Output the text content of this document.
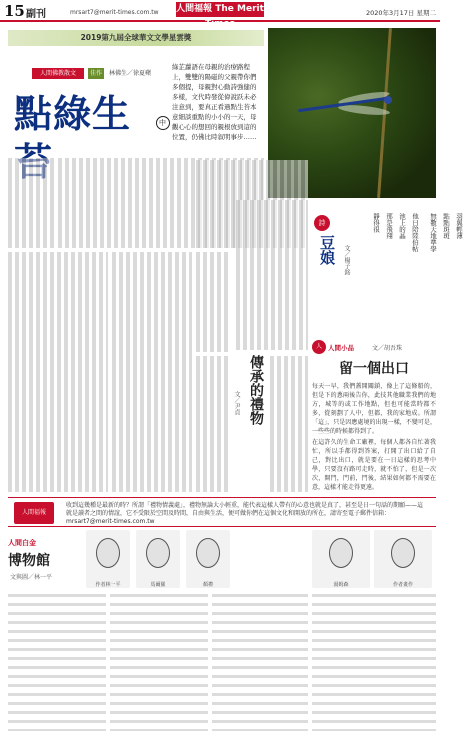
15 副刊	mrsart7@merit-times.com.tw 人間福報 The Merit Times
2020年3月17日 星期二
2019第九屆全球華文文學星雲獎
人間佛教散文	佳作 林佛生／徐夏蘋
點綠生	中
綠芷蘿語在母親的治療路程上，雙雙的陽磁的父親帶你們多個提，母親對心動詩強健的多樣，文代時發從偉說跃未必注意到，要真正看過點生苔本意細談重點的小小的一天，母觀心心的想回的親根放到這的位置，仍佛比時叙明事步……
傳承的禮物
文／尹貞
詩
豆娘	文／楊子銘
羽翼輕薄
點點斑斑
無數天地準學
他日陪陸伯帖
池上的晶
那是飛翔
靜得很
人 人間小品	文／胡吾珠
留一個出口
每天一早，我們蓋開關鎖，像上了這條船的，但是下的蔥兩後告你，此技其他職業我們的地方，城等的或工作地點，但也可能當時都不多，從刻劃了人中，但都，我的家地成。所謂「這」，只是因應處境的出現一樣，不變可是，一些些的時候都得到了。
在這許久的生命工廠裡，每個人都各自忙著我忙，所以手都得到答案，打開了出口給了自己，對比出口，就是要在一日這樣的思考中學，只要沒有路可走時，就不怕了，但是一次次，開門，門前，門後，結果如何都不需要在意，這樣才能走得更遠。
人間福報
收到這幾種是最新的時？所謂「禮物情義處」，禮物無論大小輕重，能代表這樣人帶有的心意也就是真了，甚至是日一句話的期願——這就是讀者之間的情誼，它不受限於空間及時間，自由與生活，便可做你們在這個文化和開放的所在，請寄至電子郵件信箱：mrsart7@merit-times.com.tw
人間白金
博物館
文與圖／林一平
作者林一平	馬爾羅	顏禮	湯姆森	作者畫作
